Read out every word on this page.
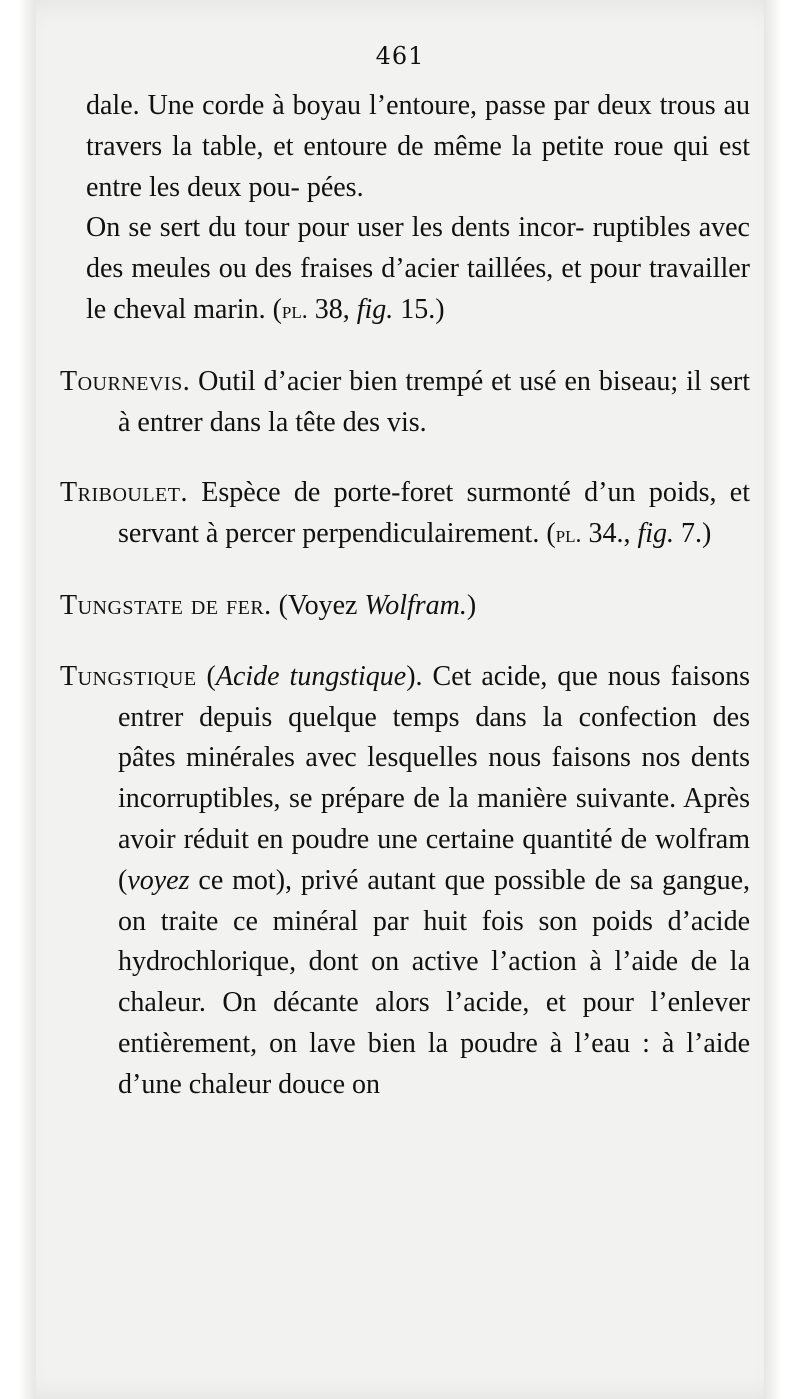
461

dale. Une corde à boyau l’entoure, passe par deux trous au travers la table, et entoure de même la petite roue qui est entre les deux pou- pées.

On se sert du tour pour user les dents incor- ruptibles avec des meules ou des fraises d’acier taillées, et pour travailler le cheval marin. (pl. 38, fig. 15.)

Tournevis. Outil d’acier bien trempé et usé en biseau; il sert à entrer dans la tête des vis.

Triboulet. Espèce de porte-foret surmonté d’un poids, et servant à percer perpendiculairement. (pl. 34., fig. 7.)

Tungstate de fer. (Voyez Wolfram.)

Tungstique (Acide tungstique). Cet acide, que nous faisons entrer depuis quelque temps dans la confection des pâtes minérales avec lesquelles nous faisons nos dents incorruptibles, se prépare de la manière suivante. Après avoir réduit en poudre une certaine quantité de wolfram (voyez ce mot), privé autant que possible de sa gangue, on traite ce minéral par huit fois son poids d’acide hydrochlorique, dont on active l’action à l’aide de la chaleur. On décante alors l’acide, et pour l’enlever entièrement, on lave bien la poudre à l’eau : à l’aide d’une chaleur douce on
